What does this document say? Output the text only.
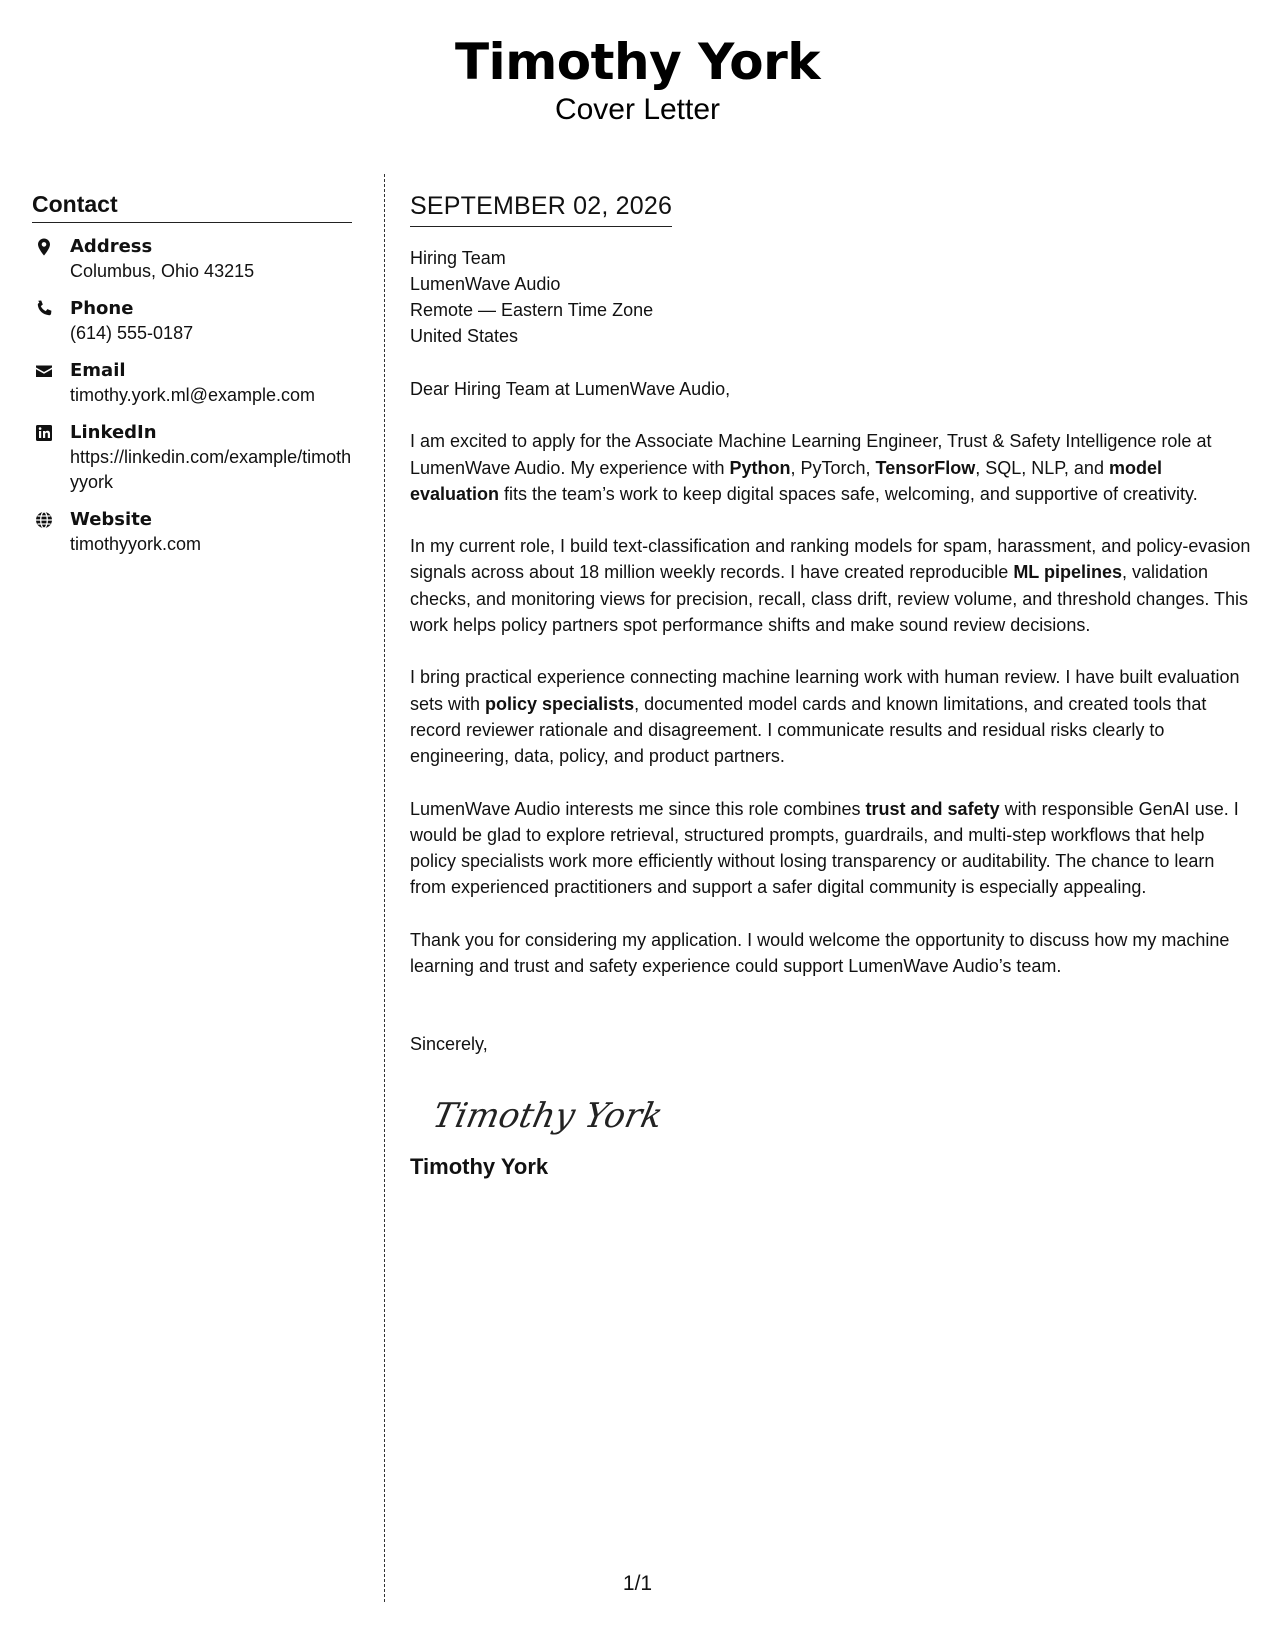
Timothy York
Cover Letter
Contact
Address
Columbus, Ohio 43215
Phone
(614) 555-0187
Email
timothy.york.ml@example.com
LinkedIn
https://linkedin.com/example/timothyyork
Website
timothyyork.com
SEPTEMBER 02, 2026
Hiring Team
LumenWave Audio
Remote — Eastern Time Zone
United States

Dear Hiring Team at LumenWave Audio,

I am excited to apply for the Associate Machine Learning Engineer, Trust & Safety Intelligence role at LumenWave Audio. My experience with Python, PyTorch, TensorFlow, SQL, NLP, and model evaluation fits the team’s work to keep digital spaces safe, welcoming, and supportive of creativity.

In my current role, I build text-classification and ranking models for spam, harassment, and policy-evasion signals across about 18 million weekly records. I have created reproducible ML pipelines, validation checks, and monitoring views for precision, recall, class drift, review volume, and threshold changes. This work helps policy partners spot performance shifts and make sound review decisions.

I bring practical experience connecting machine learning work with human review. I have built evaluation sets with policy specialists, documented model cards and known limitations, and created tools that record reviewer rationale and disagreement. I communicate results and residual risks clearly to engineering, data, policy, and product partners.

LumenWave Audio interests me since this role combines trust and safety with responsible GenAI use. I would be glad to explore retrieval, structured prompts, guardrails, and multi-step workflows that help policy specialists work more efficiently without losing transparency or auditability. The chance to learn from experienced practitioners and support a safer digital community is especially appealing.

Thank you for considering my application. I would welcome the opportunity to discuss how my machine learning and trust and safety experience could support LumenWave Audio’s team.

Sincerely,
Timothy York
Timothy York
1/1
